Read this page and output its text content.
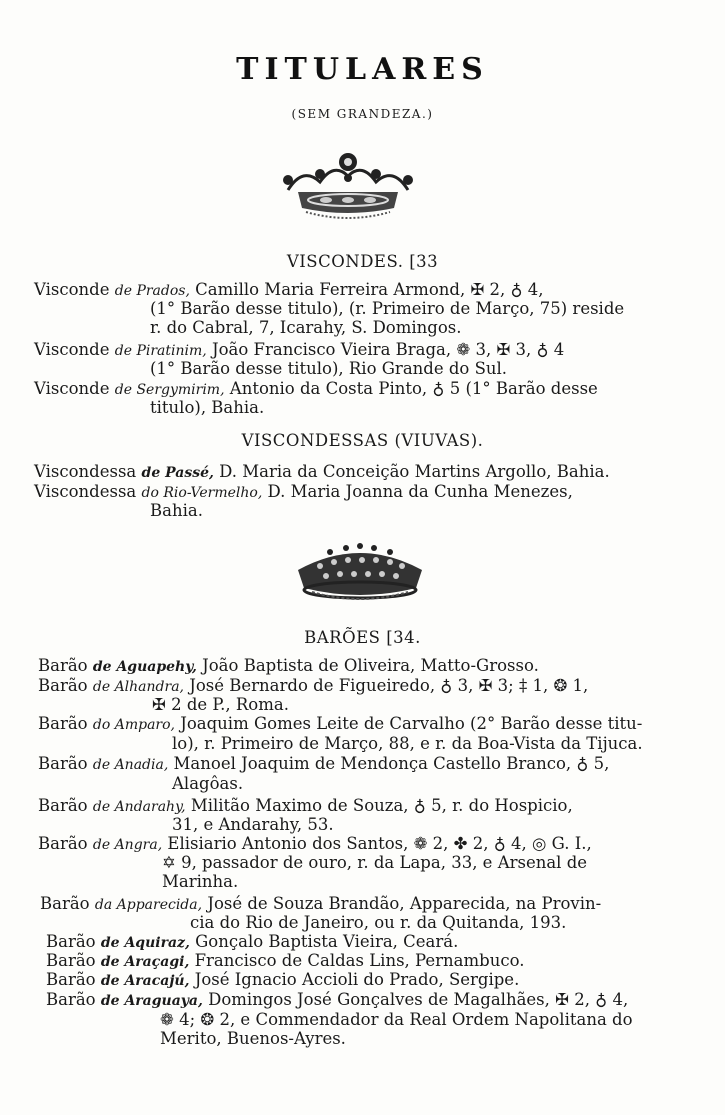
TITULARES
(SEM GRANDEZA.)
VISCONDES. [33
Visconde de Prados, Camillo Maria Ferreira Armond, ✠ 2, ♁ 4,
(1° Barão desse titulo), (r. Primeiro de Março, 75) reside
r. do Cabral, 7, Icarahy, S. Domingos.
Visconde de Piratinim, João Francisco Vieira Braga, ❁ 3, ✠ 3, ♁ 4
(1° Barão desse titulo), Rio Grande do Sul.
Visconde de Sergymirim, Antonio da Costa Pinto, ♁ 5 (1° Barão desse
titulo), Bahia.
VISCONDESSAS (VIUVAS).
Viscondessa de Passé, D. Maria da Conceição Martins Argollo, Bahia.
Viscondessa do Rio-Vermelho, D. Maria Joanna da Cunha Menezes,
Bahia.
BARÕES [34.
Barão de Aguapehy, João Baptista de Oliveira, Matto-Grosso.
Barão de Alhandra, José Bernardo de Figueiredo, ♁ 3, ✠ 3; ‡ 1, ❂ 1,
✠ 2 de P., Roma.
Barão do Amparo, Joaquim Gomes Leite de Carvalho (2° Barão desse titu-
lo), r. Primeiro de Março, 88, e r. da Boa-Vista da Tijuca.
Barão de Anadia, Manoel Joaquim de Mendonça Castello Branco, ♁ 5,
Alagôas.
Barão de Andarahy, Militão Maximo de Souza, ♁ 5, r. do Hospicio,
31, e Andarahy, 53.
Barão de Angra, Elisiario Antonio dos Santos, ❁ 2, ✤ 2, ♁ 4, ◎ G. I.,
✡ 9, passador de ouro, r. da Lapa, 33, e Arsenal de
Marinha.
Barão da Apparecida, José de Souza Brandão, Apparecida, na Provin-
cia do Rio de Janeiro, ou r. da Quitanda, 193.
Barão de Aquiraz, Gonçalo Baptista Vieira, Ceará.
Barão de Araçagi, Francisco de Caldas Lins, Pernambuco.
Barão de Aracajú, José Ignacio Accioli do Prado, Sergipe.
Barão de Araguaya, Domingos José Gonçalves de Magalhães, ✠ 2, ♁ 4,
❁ 4; ❂ 2, e Commendador da Real Ordem Napolitana do
Merito, Buenos-Ayres.
